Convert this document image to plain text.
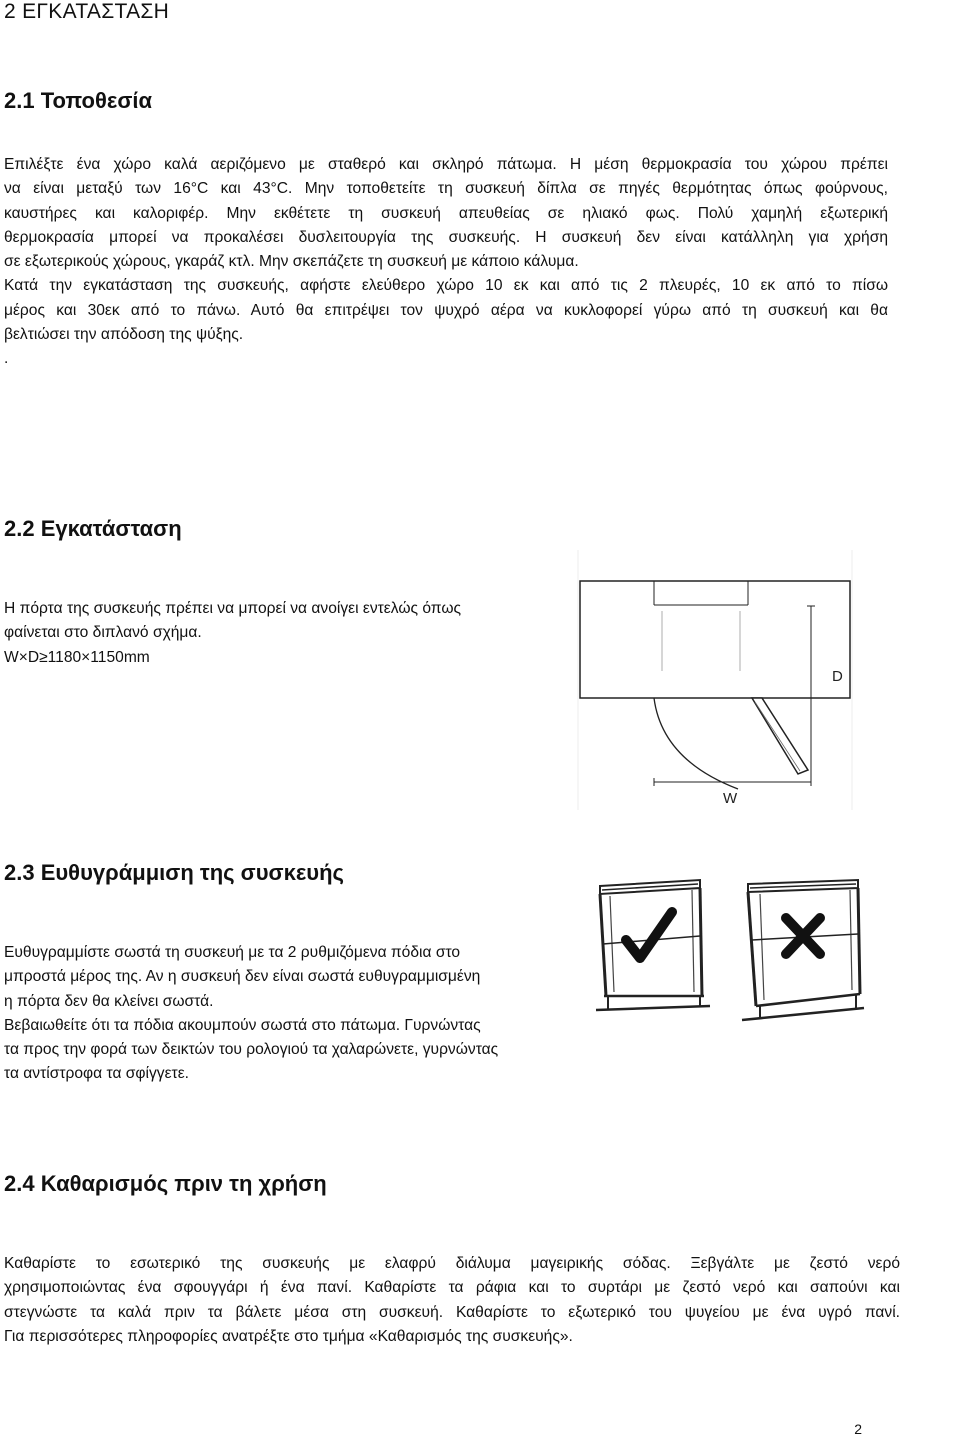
2 ΕΓΚΑΤΑΣΤΑΣΗ
2.1 Τοποθεσία
Επιλέξτε ένα χώρο καλά αεριζόμενο με σταθερό και σκληρό πάτωμα. Η μέση θερμοκρασία του χώρου πρέπει
να είναι μεταξύ των 16°C και 43°C. Μην τοποθετείτε τη συσκευή δίπλα σε πηγές θερμότητας όπως φούρνους,
καυστήρες και καλοριφέρ. Μην εκθέτετε τη συσκευή απευθείας σε ηλιακό φως. Πολύ χαμηλή εξωτερική
θερμοκρασία μπορεί να προκαλέσει δυσλειτουργία της συσκευής. Η συσκευή δεν είναι κατάλληλη για χρήση
σε εξωτερικούς χώρους, γκαράζ κτλ. Μην σκεπάζετε τη συσκευή με κάποιο κάλυμα.
Κατά την εγκατάσταση της συσκευής, αφήστε ελεύθερο χώρο 10 εκ και από τις 2 πλευρές, 10 εκ από το πίσω
μέρος και 30εκ από το πάνω. Αυτό θα επιτρέψει τον ψυχρό αέρα να κυκλοφορεί γύρω από τη συσκευή και θα
βελτιώσει την απόδοση της ψύξης.
.
2.2 Εγκατάσταση
Η πόρτα της συσκευής πρέπει να μπορεί να ανοίγει εντελώς όπως
φαίνεται στο διπλανό σχήμα.
W×D≥1180×1150mm
D
W
2.3 Ευθυγράμμιση της συσκευής
Ευθυγραμμίστε σωστά τη συσκευή με τα 2 ρυθμιζόμενα πόδια στο
μπροστά μέρος της. Αν η συσκευή δεν είναι σωστά ευθυγραμμισμένη
η πόρτα δεν θα κλείνει σωστά.
Βεβαιωθείτε ότι τα πόδια ακουμπούν σωστά στο πάτωμα. Γυρνώντας
τα προς την φορά των δεικτών του ρολογιού τα χαλαρώνετε, γυρνώντας
τα αντίστροφα τα σφίγγετε.
2.4 Καθαρισμός πριν τη χρήση
Καθαρίστε το εσωτερικό της συσκευής με ελαφρύ διάλυμα μαγειρικής σόδας. Ξεβγάλτε με ζεστό νερό
χρησιμοποιώντας ένα σφουγγάρι ή ένα πανί. Καθαρίστε τα ράφια και το συρτάρι με ζεστό νερό και σαπούνι και
στεγνώστε τα καλά πριν τα βάλετε μέσα στη συσκευή. Καθαρίστε το εξωτερικό του ψυγείου με ένα υγρό πανί.
Για περισσότερες πληροφορίες ανατρέξτε στο τμήμα «Καθαρισμός της συσκευής».
2
